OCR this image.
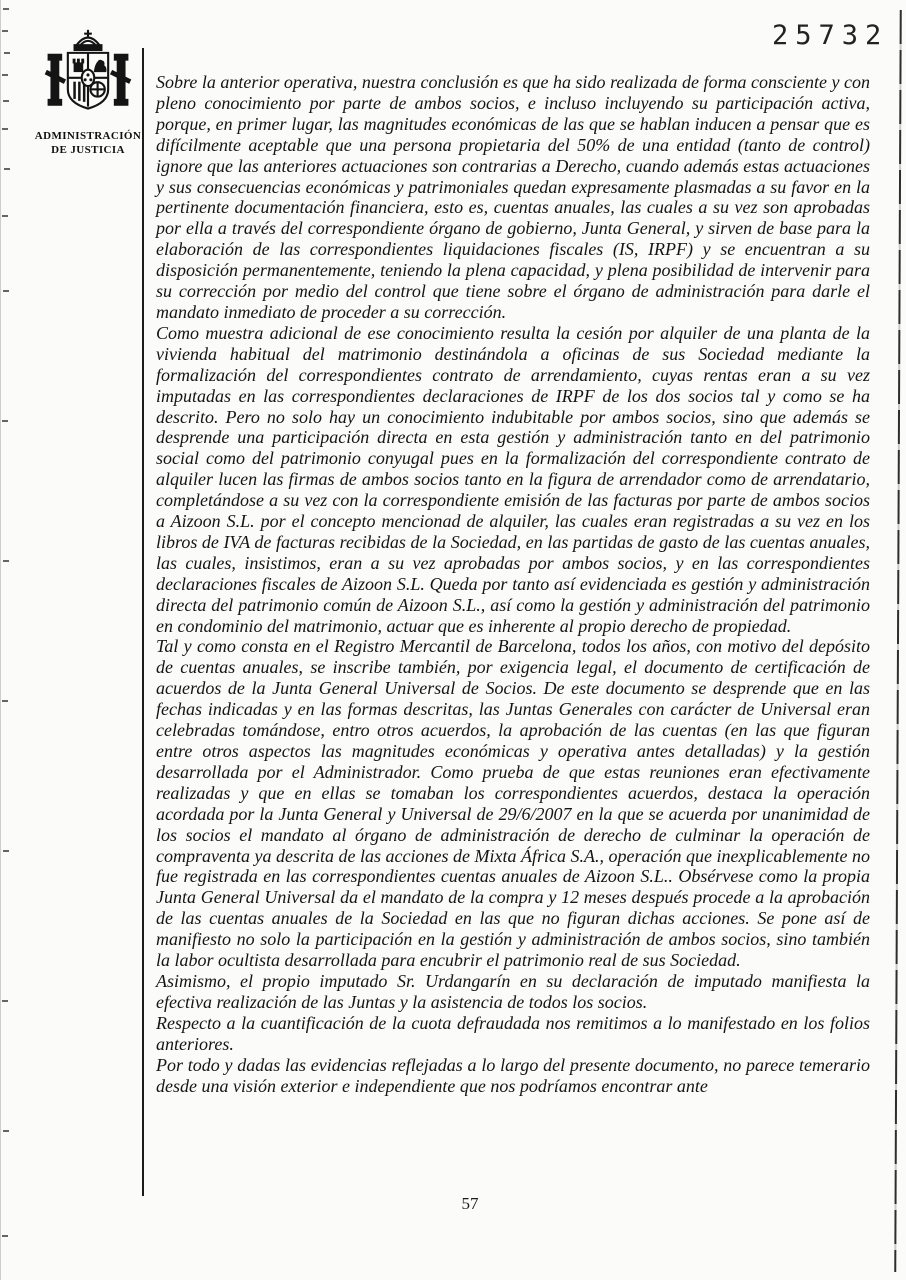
ADMINISTRACIÓN
DE JUSTICIA
25732

Sobre la anterior operativa, nuestra conclusión es que ha sido realizada de forma consciente y con pleno conocimiento por parte de ambos socios, e incluso incluyendo su participación activa, porque, en primer lugar, las magnitudes económicas de las que se hablan inducen a pensar que es difícilmente aceptable que una persona propietaria del 50% de una entidad (tanto de control) ignore que las anteriores actuaciones son contrarias a Derecho, cuando además estas actuaciones y sus consecuencias económicas y patrimoniales quedan expresamente plasmadas a su favor en la pertinente documentación financiera, esto es, cuentas anuales, las cuales a su vez son aprobadas por ella a través del correspondiente órgano de gobierno, Junta General, y sirven de base para la elaboración de las correspondientes liquidaciones fiscales (IS, IRPF) y se encuentran a su disposición permanentemente, teniendo la plena capacidad, y plena posibilidad de intervenir para su corrección por medio del control que tiene sobre el órgano de administración para darle el mandato inmediato de proceder a su corrección.

Como muestra adicional de ese conocimiento resulta la cesión por alquiler de una planta de la vivienda habitual del matrimonio destinándola a oficinas de sus Sociedad mediante la formalización del correspondientes contrato de arrendamiento, cuyas rentas eran a su vez imputadas en las correspondientes declaraciones de IRPF de los dos socios tal y como se ha descrito. Pero no solo hay un conocimiento indubitable por ambos socios, sino que además se desprende una participación directa en esta gestión y administración tanto en del patrimonio social como del patrimonio conyugal pues en la formalización del correspondiente contrato de alquiler lucen las firmas de ambos socios tanto en la figura de arrendador como de arrendatario, completándose a su vez con la correspondiente emisión de las facturas por parte de ambos socios a Aizoon S.L. por el concepto mencionad de alquiler, las cuales eran registradas a su vez en los libros de IVA de facturas recibidas de la Sociedad, en las partidas de gasto de las cuentas anuales, las cuales, insistimos, eran a su vez aprobadas por ambos socios, y en las correspondientes declaraciones fiscales de Aizoon S.L. Queda por tanto así evidenciada es gestión y administración directa del patrimonio común de Aizoon S.L., así como la gestión y administración del patrimonio en condominio del matrimonio, actuar que es inherente al propio derecho de propiedad.

Tal y como consta en el Registro Mercantil de Barcelona, todos los años, con motivo del depósito de cuentas anuales, se inscribe también, por exigencia legal, el documento de certificación de acuerdos de la Junta General Universal de Socios. De este documento se desprende que en las fechas indicadas y en las formas descritas, las Juntas Generales con carácter de Universal eran celebradas tomándose, entro otros acuerdos, la aprobación de las cuentas (en las que figuran entre otros aspectos las magnitudes económicas y operativa antes detalladas) y la gestión desarrollada por el Administrador. Como prueba de que estas reuniones eran efectivamente realizadas y que en ellas se tomaban los correspondientes acuerdos, destaca la operación acordada por la Junta General y Universal de 29/6/2007 en la que se acuerda por unanimidad de los socios el mandato al órgano de administración de derecho de culminar la operación de compraventa ya descrita de las acciones de Mixta África S.A., operación que inexplicablemente no fue registrada en las correspondientes cuentas anuales de Aizoon S.L.. Obsérvese como la propia Junta General Universal da el mandato de la compra y 12 meses después procede a la aprobación de las cuentas anuales de la Sociedad en las que no figuran dichas acciones. Se pone así de manifiesto no solo la participación en la gestión y administración de ambos socios, sino también la labor ocultista desarrollada para encubrir el patrimonio real de sus Sociedad.

Asimismo, el propio imputado Sr. Urdangarín en su declaración de imputado manifiesta la efectiva realización de las Juntas y la asistencia de todos los socios.

Respecto a la cuantificación de la cuota defraudada nos remitimos a lo manifestado en los folios anteriores.

Por todo y dadas las evidencias reflejadas a lo largo del presente documento, no parece temerario desde una visión exterior e independiente que nos podríamos encontrar ante

57
